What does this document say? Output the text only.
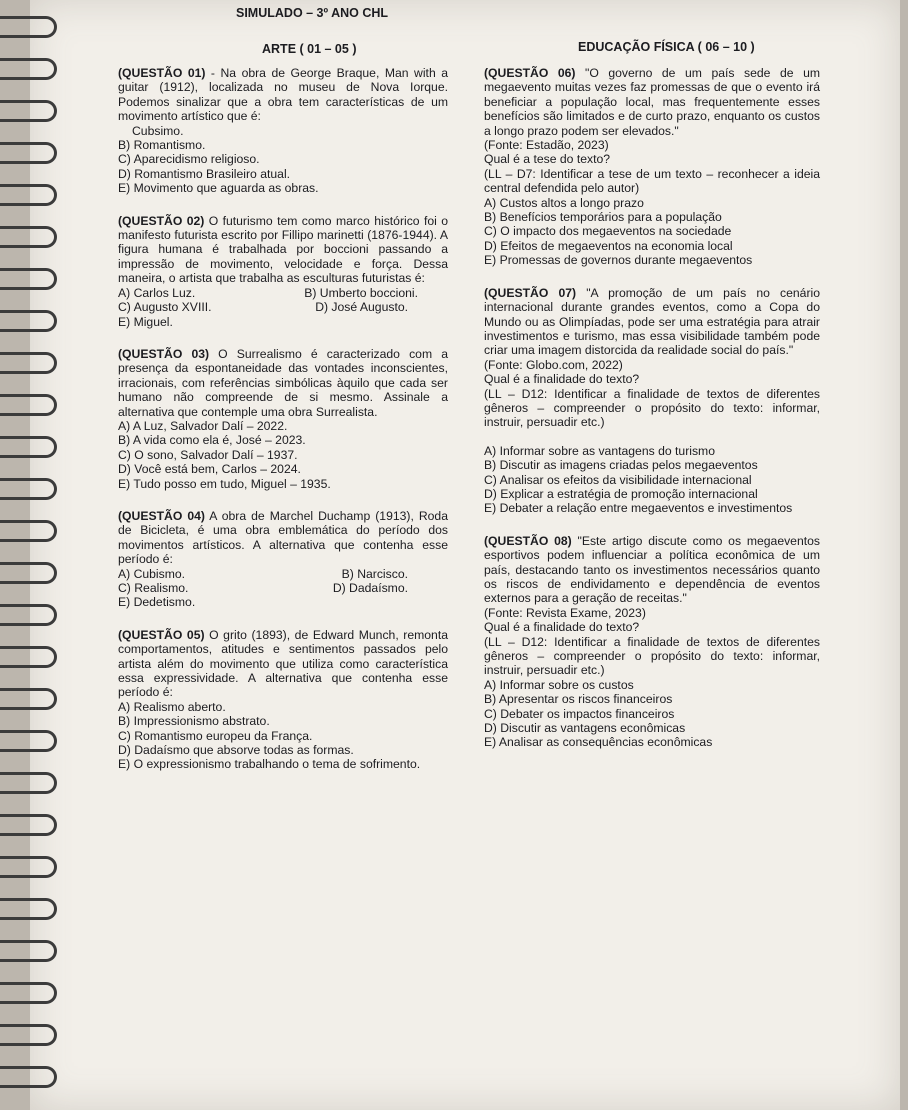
SIMULADO – 3º ANO CHL
ARTE ( 01 – 05 )	EDUCAÇÃO FÍSICA ( 06 – 10 )

(QUESTÃO 01) - Na obra de George Braque, Man with a guitar (1912), localizada no museu de Nova Iorque. Podemos sinalizar que a obra tem características de um movimento artístico que é:

Cubsimo.

B) Romantismo.

C) Aparecidismo religioso.

D) Romantismo Brasileiro atual.

E) Movimento que aguarda as obras.

(QUESTÃO 02) O futurismo tem como marco histórico foi o manifesto futurista escrito por Fillipo marinetti (1876-1944). A figura humana é trabalhada por boccioni passando a impressão de movimento, velocidade e força. Dessa maneira, o artista que trabalha as esculturas futuristas é:

A) Carlos Luz.	B) Umberto boccioni.
C) Augusto XVIII.	D) José Augusto.

E) Miguel.

(QUESTÃO 03) O Surrealismo é caracterizado com a presença da espontaneidade das vontades inconscientes, irracionais, com referências simbólicas àquilo que cada ser humano não compreende de si mesmo. Assinale a alternativa que contemple uma obra Surrealista.

A) A Luz, Salvador Dalí – 2022.

B) A vida como ela é, José – 2023.

C) O sono, Salvador Dalí – 1937.

D) Você está bem, Carlos – 2024.

E) Tudo posso em tudo, Miguel – 1935.

(QUESTÃO 04) A obra de Marchel Duchamp (1913), Roda de Bicicleta, é uma obra emblemática do período dos movimentos artísticos. A alternativa que contenha esse período é:

A) Cubismo.	B) Narcisco.
C) Realismo.	D) Dadaísmo.

E) Dedetismo.

(QUESTÃO 05) O grito (1893), de Edward Munch, remonta comportamentos, atitudes e sentimentos passados pelo artista além do movimento que utiliza como característica essa expressividade. A alternativa que contenha esse período é:

A) Realismo aberto.

B) Impressionismo abstrato.

C) Romantismo europeu da França.

D) Dadaísmo que absorve todas as formas.

E) O expressionismo trabalhando o tema de sofrimento.

(QUESTÃO 06) "O governo de um país sede de um megaevento muitas vezes faz promessas de que o evento irá beneficiar a população local, mas frequentemente esses benefícios são limitados e de curto prazo, enquanto os custos a longo prazo podem ser elevados."

(Fonte: Estadão, 2023)

Qual é a tese do texto?

(LL – D7: Identificar a tese de um texto – reconhecer a ideia central defendida pelo autor)

A) Custos altos a longo prazo

B) Benefícios temporários para a população

C) O impacto dos megaeventos na sociedade

D) Efeitos de megaeventos na economia local

E) Promessas de governos durante megaeventos

(QUESTÃO 07) "A promoção de um país no cenário internacional durante grandes eventos, como a Copa do Mundo ou as Olimpíadas, pode ser uma estratégia para atrair investimentos e turismo, mas essa visibilidade também pode criar uma imagem distorcida da realidade social do país."

(Fonte: Globo.com, 2022)

Qual é a finalidade do texto?

(LL – D12: Identificar a finalidade de textos de diferentes gêneros – compreender o propósito do texto: informar, instruir, persuadir etc.)

A) Informar sobre as vantagens do turismo

B) Discutir as imagens criadas pelos megaeventos

C) Analisar os efeitos da visibilidade internacional

D) Explicar a estratégia de promoção internacional

E) Debater a relação entre megaeventos e investimentos

(QUESTÃO 08) "Este artigo discute como os megaeventos esportivos podem influenciar a política econômica de um país, destacando tanto os investimentos necessários quanto os riscos de endividamento e dependência de eventos externos para a geração de receitas."

(Fonte: Revista Exame, 2023)

Qual é a finalidade do texto?

(LL – D12: Identificar a finalidade de textos de diferentes gêneros – compreender o propósito do texto: informar, instruir, persuadir etc.)

A) Informar sobre os custos

B) Apresentar os riscos financeiros

C) Debater os impactos financeiros

D) Discutir as vantagens econômicas

E) Analisar as consequências econômicas
